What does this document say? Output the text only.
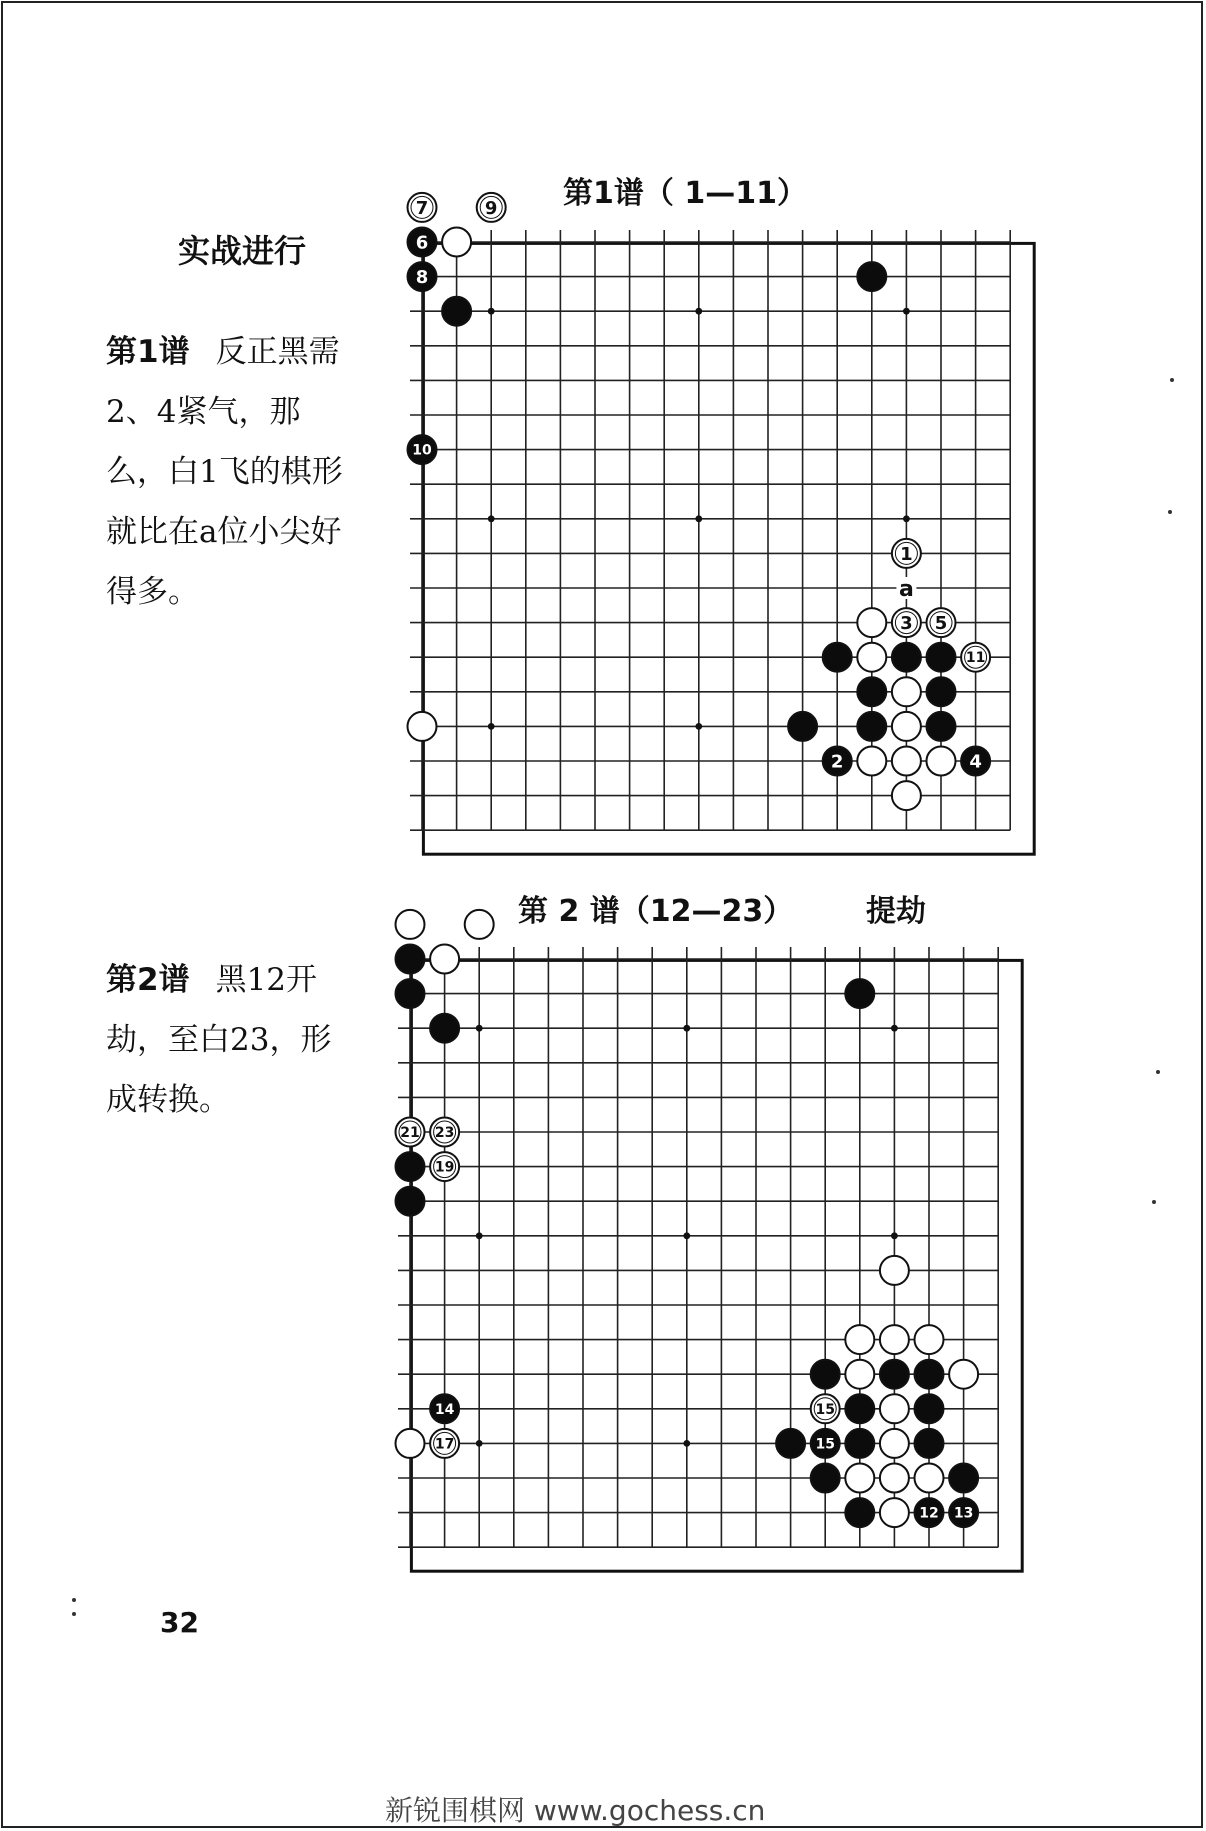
实战进行
第1谱 反正黑需2、4紧气，那么，白1飞的棋形就比在a位小尖好得多。
第2谱 黑12开劫，至白23，形成转换。
第1谱（ 1—11）
第 2 谱（12—23） 提劫
7	9
6
8
10
1
a
3 5
11
2	4
21 23
19
14	15
17	15
12 13
32
新锐围棋网 www.gochess.cn
